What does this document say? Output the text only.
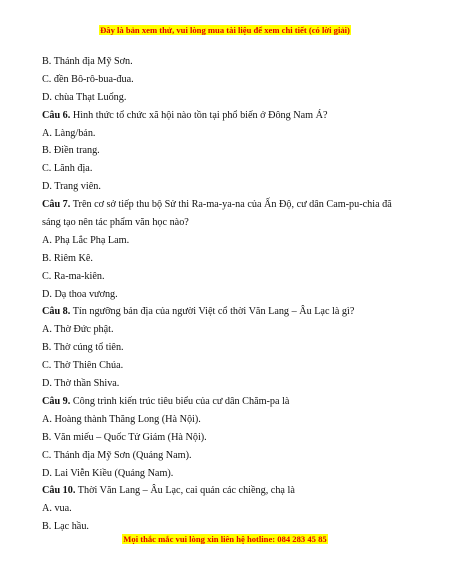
Đây là bản xem thử, vui lòng mua tài liệu để xem chi tiết (có lời giải)
B. Thánh địa Mỹ Sơn.
C. đền Bô-rô-bua-đua.
D. chùa Thạt Luổng.
Câu 6. Hình thức tổ chức xã hội nào tồn tại phổ biến ở Đông Nam Á?
A. Làng/bản.
B. Điền trang.
C. Lãnh địa.
D. Trang viên.
Câu 7. Trên cơ sở tiếp thu bộ Sử thi Ra-ma-ya-na của Ấn Độ, cư dân Cam-pu-chia đã sáng tạo nên tác phẩm văn học nào?
A. Phạ Lắc Phạ Lam.
B. Riêm Kê.
C. Ra-ma-kiên.
D. Dạ thoa vương.
Câu 8. Tín ngưỡng bản địa của người Việt cổ thời Văn Lang – Âu Lạc là gì?
A. Thờ Đức phật.
B. Thờ cúng tổ tiên.
C. Thờ Thiên Chúa.
D. Thờ thần Shiva.
Câu 9. Công trình kiến trúc tiêu biểu của cư dân Chăm-pa là
A. Hoàng thành Thăng Long (Hà Nội).
B. Văn miếu – Quốc Tử Giám (Hà Nội).
C. Thánh địa Mỹ Sơn (Quảng Nam).
D. Lai Viễn Kiều (Quảng Nam).
Câu 10. Thời Văn Lang – Âu Lạc, cai quản các chiềng, chạ là
A. vua.
B. Lạc hầu.
Mọi thắc mắc vui lòng xin liên hệ hotline: 084 283 45 85
